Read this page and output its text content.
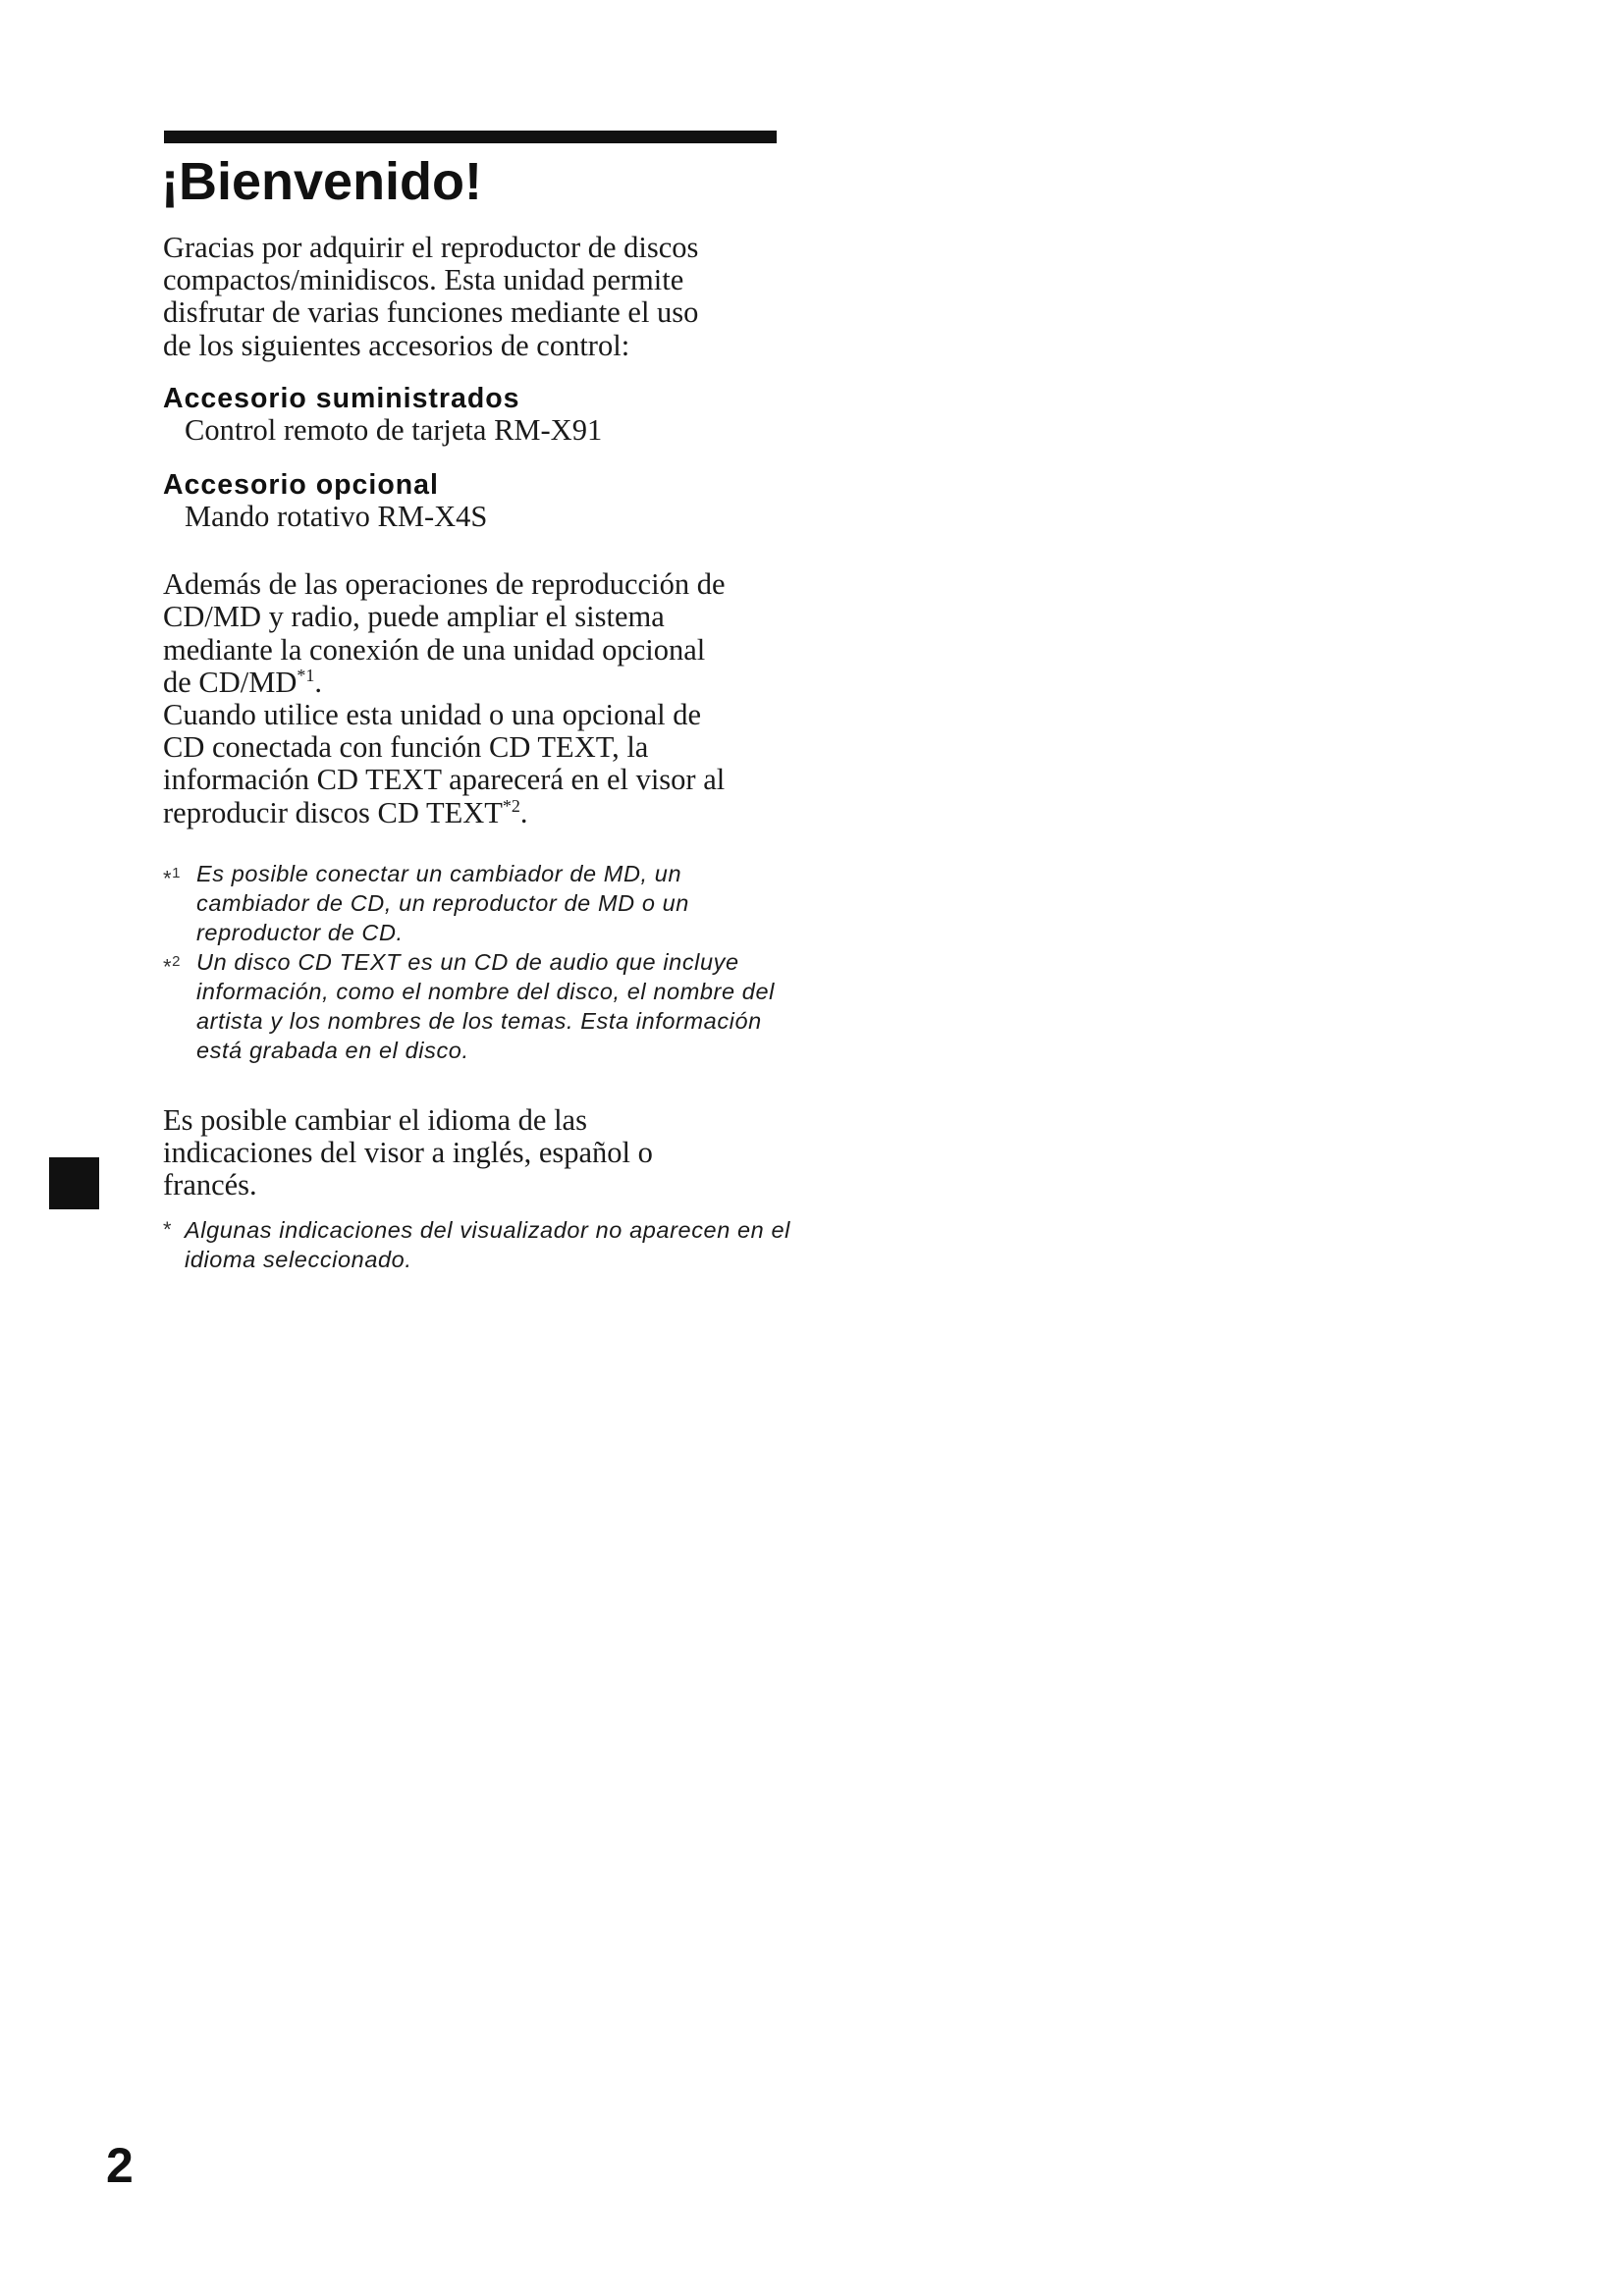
¡Bienvenido!

Gracias por adquirir el reproductor de discos
compactos/minidiscos. Esta unidad permite
disfrutar de varias funciones mediante el uso
de los siguientes accesorios de control:

Accesorio suministrados

Control remoto de tarjeta RM-X91

Accesorio opcional

Mando rotativo RM-X4S

Además de las operaciones de reproducción de
CD/MD y radio, puede ampliar el sistema
mediante la conexión de una unidad opcional
de CD/MD$^{*1}$.

Cuando utilice esta unidad o una opcional de
CD conectada con función CD TEXT, la
información CD TEXT aparecerá en el visor al
reproducir discos CD TEXT$^{*2}$.

*$^1$ Es posible conectar un cambiador de MD, un cambiador de CD, un reproductor de MD o un reproductor de CD.
*$^2$ Un disco CD TEXT es un CD de audio que incluye información, como el nombre del disco, el nombre del artista y los nombres de los temas. Esta información está grabada en el disco.

Es posible cambiar el idioma de las
indicaciones del visor a inglés, español o
francés.

* Algunas indicaciones del visualizador no aparecen en el idioma seleccionado.

2
